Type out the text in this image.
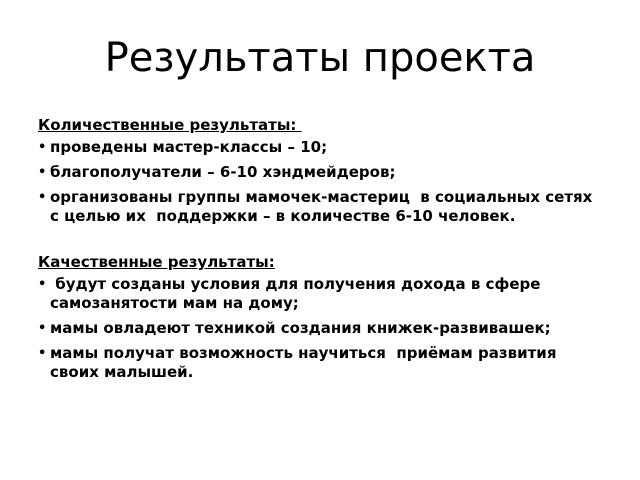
Результаты проекта

Количественные результаты:

• проведены мастер-классы – 10;
• благополучатели – 6-10 хэндмейдеров;
• организованы группы мамочек-мастериц  в социальных сетях с целью их  поддержки – в количестве 6-10 человек.

Качественные результаты:

• будут созданы условия для получения дохода в сфере самозанятости мам на дому;
• мамы овладеют техникой создания книжек-развивашек;
• мамы получат возможность научиться  приёмам развития своих малышей.
